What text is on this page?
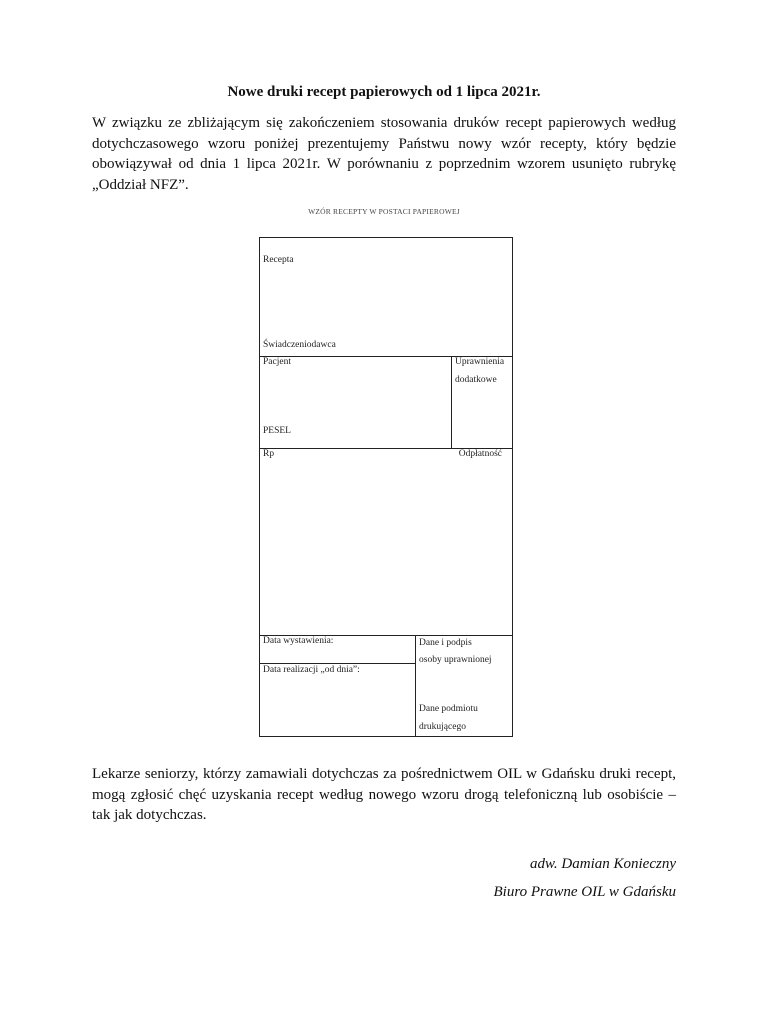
Nowe druki recept papierowych od 1 lipca 2021r.

W związku ze zbliżającym się zakończeniem stosowania druków recept papierowych według dotychczasowego wzoru poniżej prezentujemy Państwu nowy wzór recepty, który będzie obowiązywał od dnia 1 lipca 2021r. W porównaniu z poprzednim wzorem usunięto rubrykę „Oddział NFZ”.

WZÓR RECEPTY W POSTACI PAPIEROWEJ
Recepta
Świadczeniodawca
Pacjent
PESEL
Uprawnienia
dodatkowe
Rp	Odpłatność
Data wystawienia:
Data realizacji „od dnia”:
Dane i podpis
osoby uprawnionej
Dane podmiotu
drukującego

Lekarze seniorzy, którzy zamawiali dotychczas za pośrednictwem OIL w Gdańsku druki recept, mogą zgłosić chęć uzyskania recept według nowego wzoru drogą telefoniczną lub osobiście – tak jak dotychczas.

adw. Damian Konieczny

Biuro Prawne OIL w Gdańsku
